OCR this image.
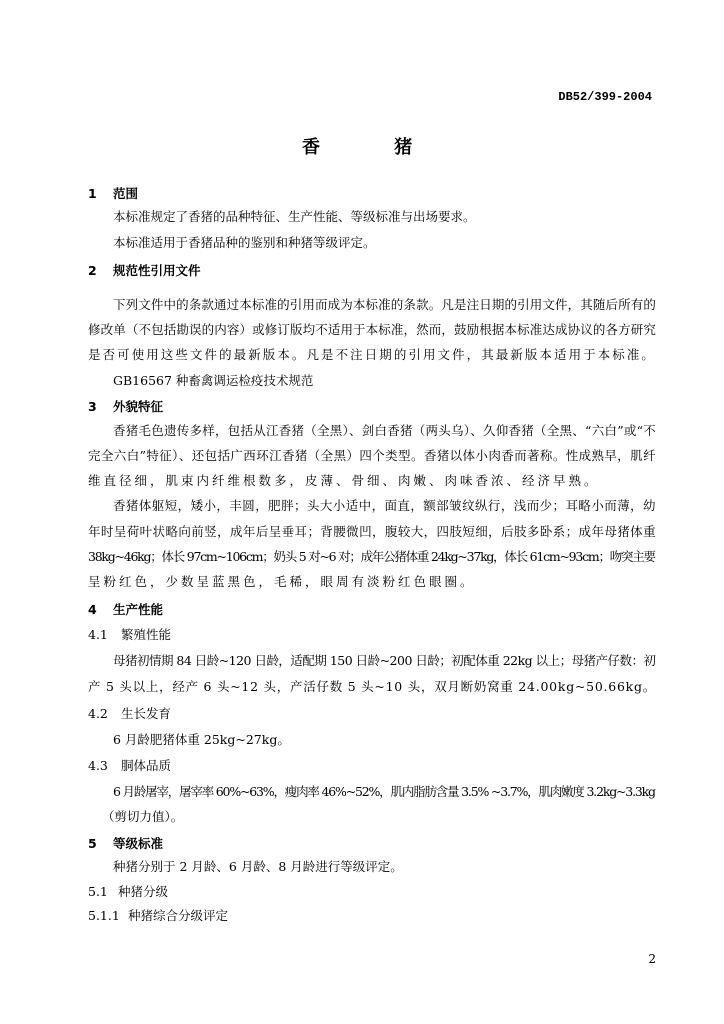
DB52/399-2004
香 猪
1 范围
本标准规定了香猪的品种特征、生产性能、等级标准与出场要求。
本标准适用于香猪品种的鉴别和种猪等级评定。
2 规范性引用文件
下列文件中的条款通过本标准的引用而成为本标准的条款。凡是注日期的引用文件，其随后所有的
修改单（不包括勘误的内容）或修订版均不适用于本标准，然而，鼓励根据本标准达成协议的各方研究
是否可使用这些文件的最新版本。凡是不注日期的引用文件，其最新版本适用于本标准。
GB16567 种畜禽调运检疫技术规范
3 外貌特征
香猪毛色遗传多样，包括从江香猪（全黑）、剑白香猪（两头乌）、久仰香猪（全黑、“六白”或“不
完全六白”特征）、还包括广西环江香猪（全黑）四个类型。香猪以体小肉香而著称。性成熟早，肌纤
维直径细，肌束内纤维根数多，皮薄、骨细、肉嫩、肉味香浓、经济早熟。
香猪体躯短，矮小，丰圆，肥胖；头大小适中，面直，额部皱纹纵行，浅而少；耳略小而薄，幼
年时呈荷叶状略向前竖，成年后呈垂耳；背腰微凹，腹较大，四肢短细，后肢多卧系；成年母猪体重
38kg~46kg；体长 97cm~106cm；奶头 5 对~6 对；成年公猪体重 24kg~37kg，体长 61cm~93cm；吻突主要
呈粉红色，少数呈蓝黑色，毛稀，眼周有淡粉红色眼圈。
4 生产性能
4.1 繁殖性能
母猪初情期 84 日龄~120 日龄，适配期 150 日龄~200 日龄；初配体重 22kg 以上；母猪产仔数：初
产 5 头以上，经产 6 头~12 头，产活仔数 5 头~10 头，双月断奶窝重 24.00kg~50.66kg。
4.2 生长发育
6 月龄肥猪体重 25kg~27kg。
4.3 胴体品质
6 月龄屠宰，屠宰率 60%~63%，瘦肉率 46%~52%，肌内脂肪含量 3.5% ~3.7%，肌肉嫩度 3.2kg~3.3kg
（剪切力值）。
5 等级标准
种猪分别于 2 月龄、6 月龄、8 月龄进行等级评定。
5.1 种猪分级
5.1.1 种猪综合分级评定
2
